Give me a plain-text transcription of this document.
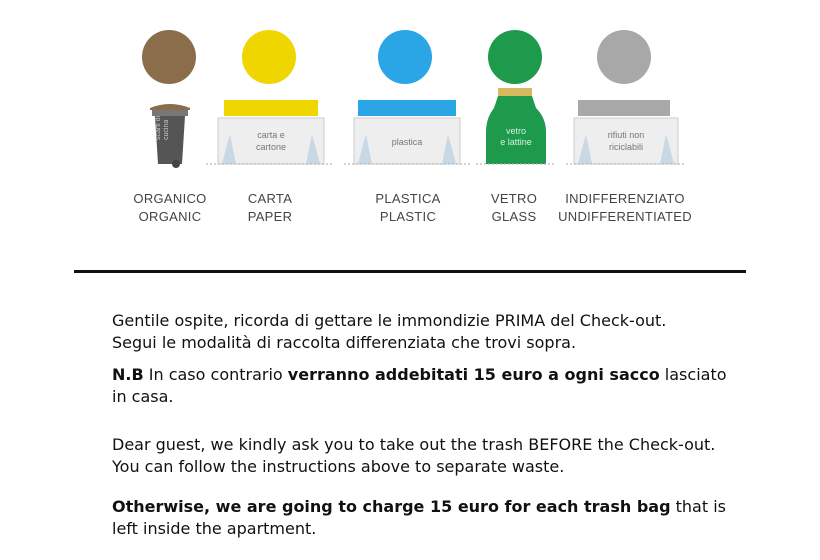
scarti di cucina	carta e
cartone	plastica
vetro
e lattine
rifiuti non
riciclabili
ORGANICO
ORGANIC
CARTA
PAPER
PLASTICA
PLASTIC
VETRO
GLASS
INDIFFERENZIATO
UNDIFFERENTIATED

Gentile ospite, ricorda di gettare le immondizie PRIMA del Check-out.
Segui le modalità di raccolta differenziata che trovi sopra.

N.B In caso contrario verranno addebitati 15 euro a ogni sacco lasciato
in casa.

Dear guest, we kindly ask you to take out the trash BEFORE the Check-out.
You can follow the instructions above to separate waste.

Otherwise, we are going to charge 15 euro for each trash bag that is
left inside the apartment.
